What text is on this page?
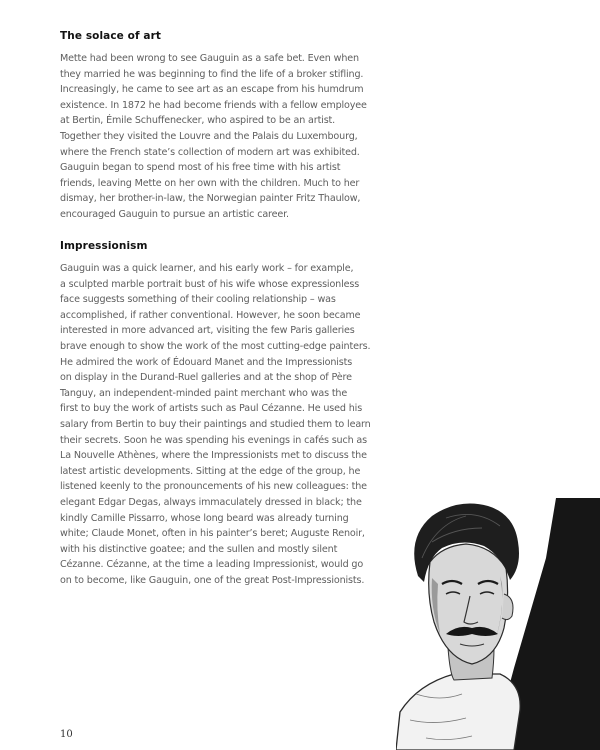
The solace of art
Mette had been wrong to see Gauguin as a safe bet. Even when
they married he was beginning to find the life of a broker stifling.
Increasingly, he came to see art as an escape from his humdrum
existence. In 1872 he had become friends with a fellow employee
at Bertin, Émile Schuffenecker, who aspired to be an artist.
Together they visited the Louvre and the Palais du Luxembourg,
where the French state’s collection of modern art was exhibited.
Gauguin began to spend most of his free time with his artist
friends, leaving Mette on her own with the children. Much to her
dismay, her brother-in-law, the Norwegian painter Fritz Thaulow,
encouraged Gauguin to pursue an artistic career.
Impressionism
Gauguin was a quick learner, and his early work – for example,
a sculpted marble portrait bust of his wife whose expressionless
face suggests something of their cooling relationship – was
accomplished, if rather conventional. However, he soon became
interested in more advanced art, visiting the few Paris galleries
brave enough to show the work of the most cutting-edge painters.
He admired the work of Édouard Manet and the Impressionists
on display in the Durand-Ruel galleries and at the shop of Père
Tanguy, an independent-minded paint merchant who was the
first to buy the work of artists such as Paul Cézanne. He used his
salary from Bertin to buy their paintings and studied them to learn
their secrets. Soon he was spending his evenings in cafés such as
La Nouvelle Athènes, where the Impressionists met to discuss the
latest artistic developments. Sitting at the edge of the group, he
listened keenly to the pronouncements of his new colleagues: the
elegant Edgar Degas, always immaculately dressed in black; the
kindly Camille Pissarro, whose long beard was already turning
white; Claude Monet, often in his painter’s beret; Auguste Renoir,
with his distinctive goatee; and the sullen and mostly silent
Cézanne. Cézanne, at the time a leading Impressionist, would go
on to become, like Gauguin, one of the great Post-Impressionists.
10
